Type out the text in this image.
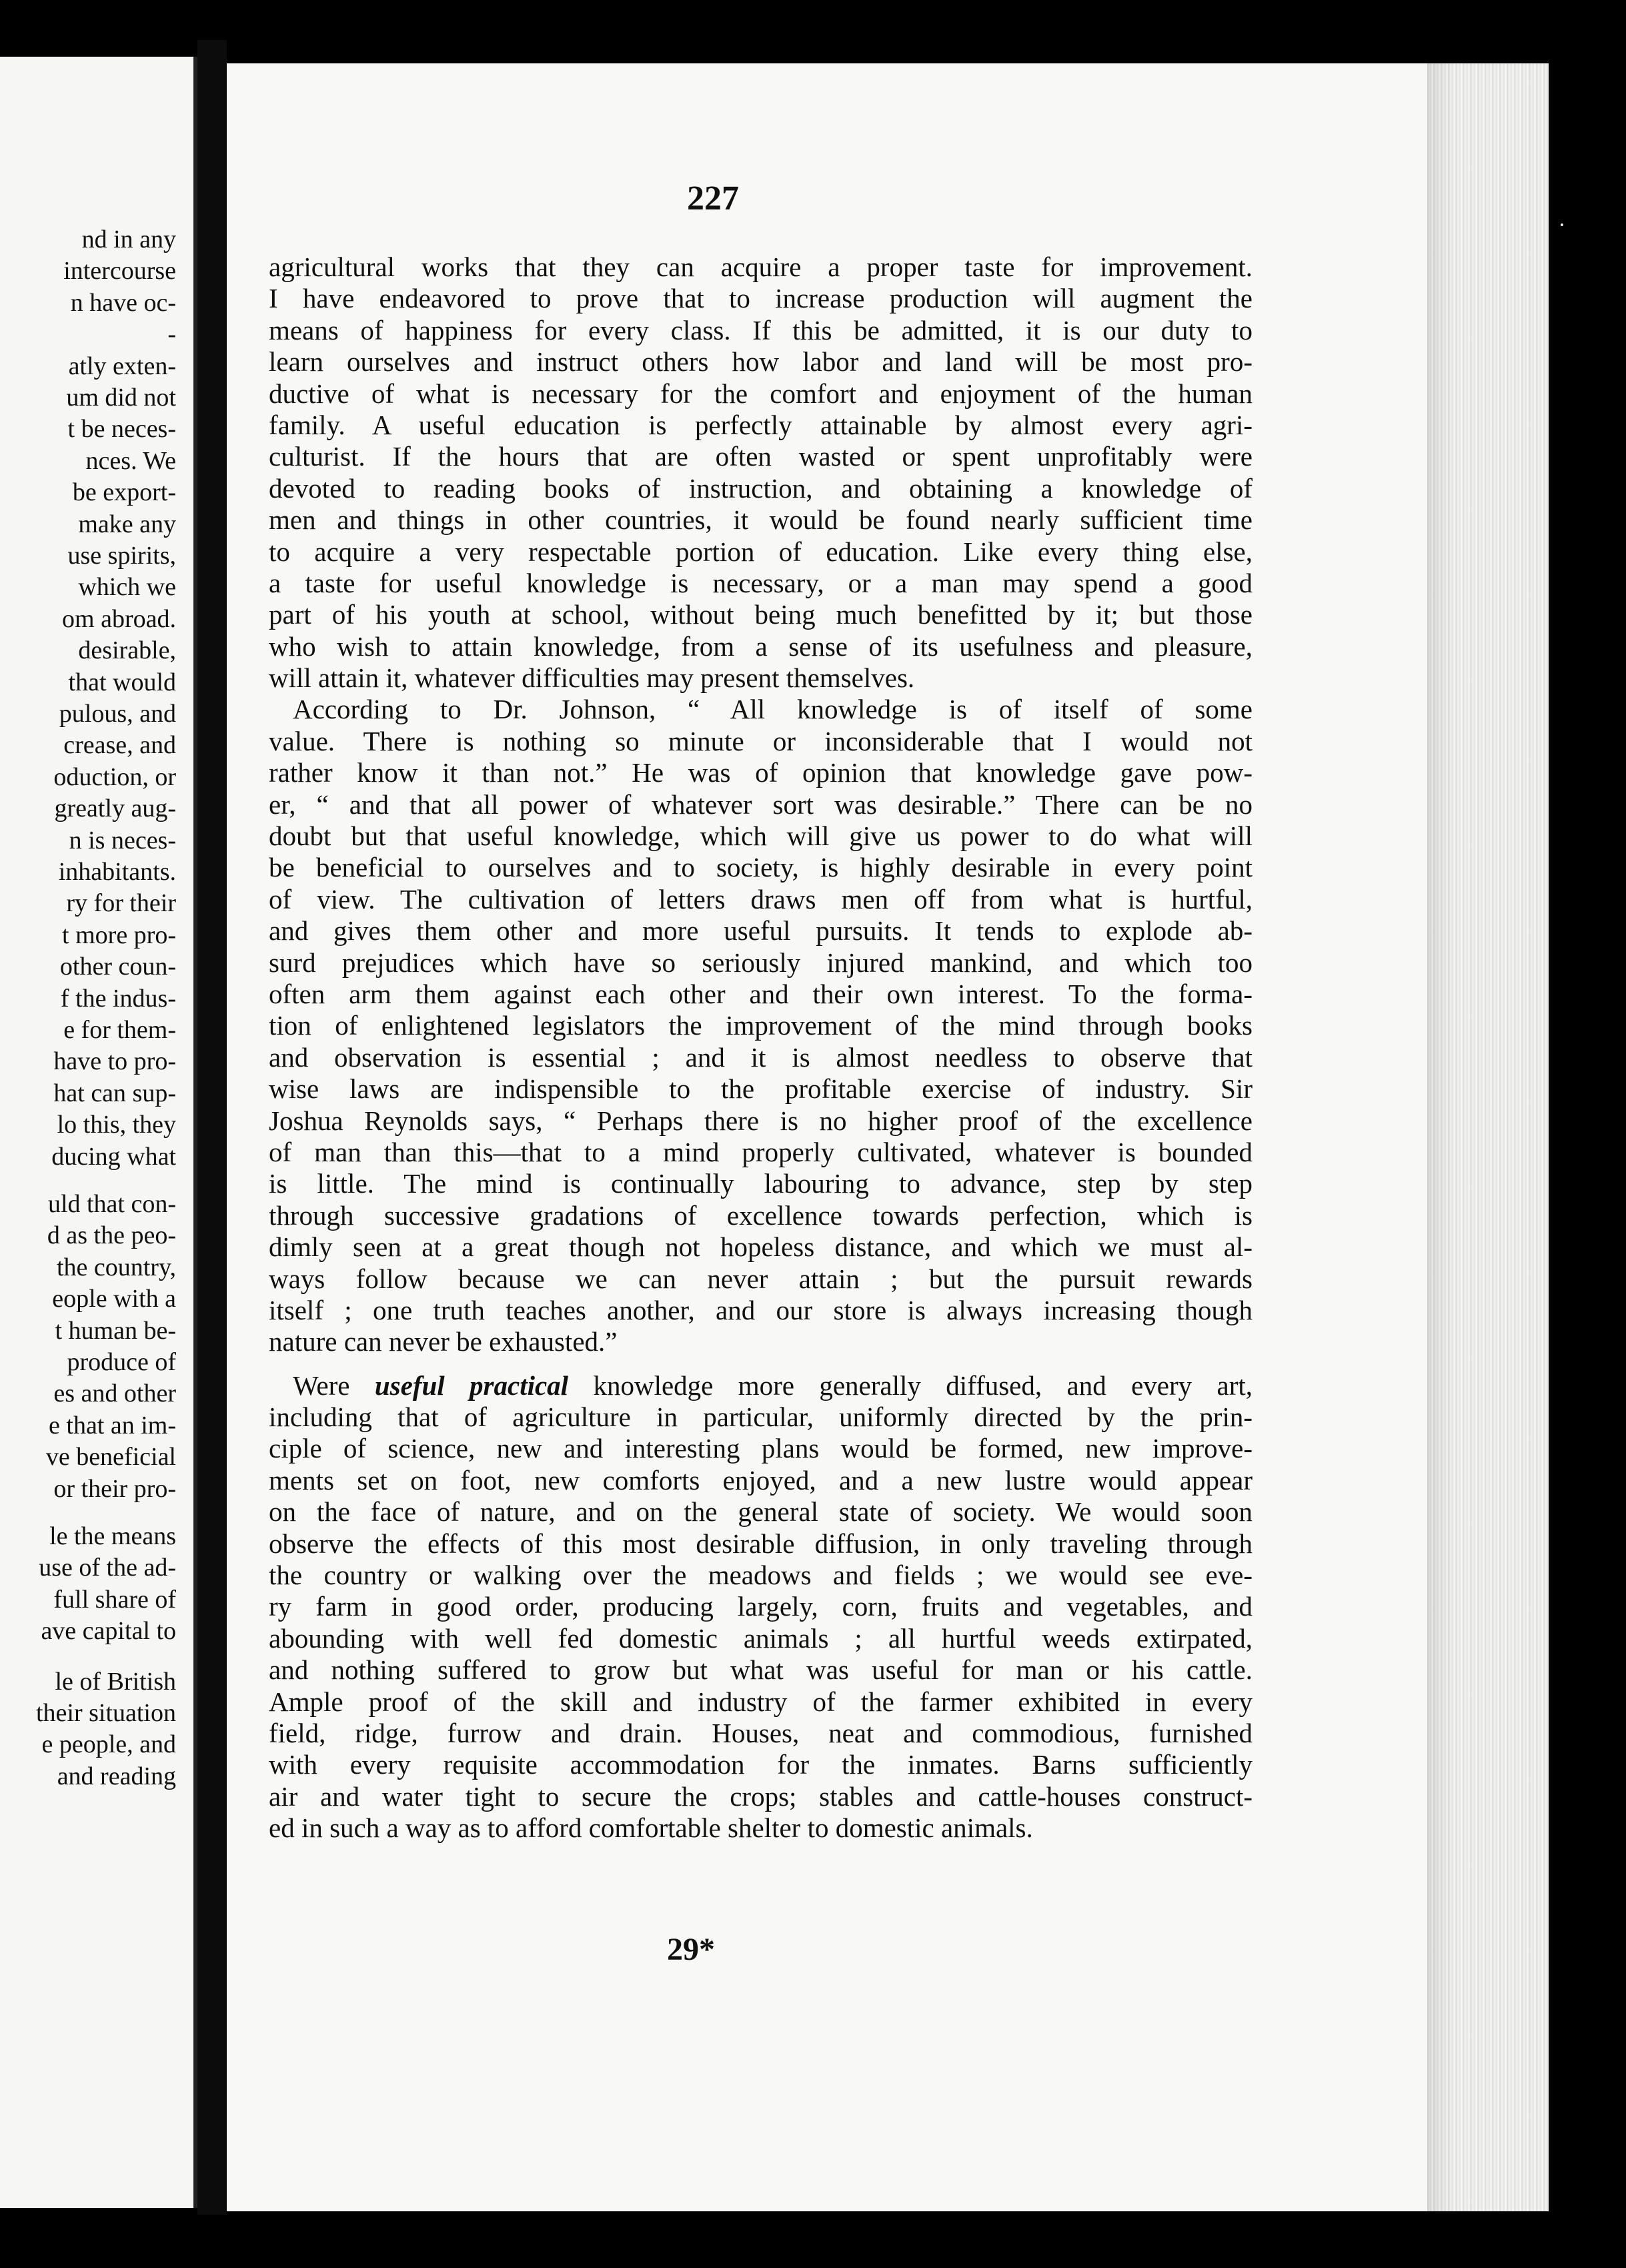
nd in any
intercourse
n have oc-
-
atly exten-
um did not
t be neces-
nces. We
be export-
make any
use spirits,
which we
om abroad.
desirable,
that would
pulous, and
crease, and
oduction, or
greatly aug-
n is neces-
inhabitants.
ry for their
t more pro-
other coun-
f the indus-
e for them-
have to pro-
hat can sup-
lo this, they
ducing what
uld that con-
d as the peo-
the country,
eople with a
t human be-
produce of
es and other
e that an im-
ve beneficial
or their pro-
le the means
use of the ad-
full share of
ave capital to
le of British
their situation
e people, and
and reading
227
agricultural works that they can acquire a proper taste for improvement.
I have endeavored to prove that to increase production will augment the
means of happiness for every class. If this be admitted, it is our duty to
learn ourselves and instruct others how labor and land will be most pro-
ductive of what is necessary for the comfort and enjoyment of the human
family. A useful education is perfectly attainable by almost every agri-
culturist. If the hours that are often wasted or spent unprofitably were
devoted to reading books of instruction, and obtaining a knowledge of
men and things in other countries, it would be found nearly sufficient time
to acquire a very respectable portion of education. Like every thing else,
a taste for useful knowledge is necessary, or a man may spend a good
part of his youth at school, without being much benefitted by it; but those
who wish to attain knowledge, from a sense of its usefulness and pleasure,
will attain it, whatever difficulties may present themselves.
According to Dr. Johnson, “ All knowledge is of itself of some
value. There is nothing so minute or inconsiderable that I would not
rather know it than not.” He was of opinion that knowledge gave pow-
er, “ and that all power of whatever sort was desirable.” There can be no
doubt but that useful knowledge, which will give us power to do what will
be beneficial to ourselves and to society, is highly desirable in every point
of view. The cultivation of letters draws men off from what is hurtful,
and gives them other and more useful pursuits. It tends to explode ab-
surd prejudices which have so seriously injured mankind, and which too
often arm them against each other and their own interest. To the forma-
tion of enlightened legislators the improvement of the mind through books
and observation is essential ; and it is almost needless to observe that
wise laws are indispensible to the profitable exercise of industry. Sir
Joshua Reynolds says, “ Perhaps there is no higher proof of the excellence
of man than this—that to a mind properly cultivated, whatever is bounded
is little. The mind is continually labouring to advance, step by step
through successive gradations of excellence towards perfection, which is
dimly seen at a great though not hopeless distance, and which we must al-
ways follow because we can never attain ; but the pursuit rewards
itself ; one truth teaches another, and our store is always increasing though
nature can never be exhausted.”
Were useful practical knowledge more generally diffused, and every art,
including that of agriculture in particular, uniformly directed by the prin-
ciple of science, new and interesting plans would be formed, new improve-
ments set on foot, new comforts enjoyed, and a new lustre would appear
on the face of nature, and on the general state of society. We would soon
observe the effects of this most desirable diffusion, in only traveling through
the country or walking over the meadows and fields ; we would see eve-
ry farm in good order, producing largely, corn, fruits and vegetables, and
abounding with well fed domestic animals ; all hurtful weeds extirpated,
and nothing suffered to grow but what was useful for man or his cattle.
Ample proof of the skill and industry of the farmer exhibited in every
field, ridge, furrow and drain. Houses, neat and commodious, furnished
with every requisite accommodation for the inmates. Barns sufficiently
air and water tight to secure the crops; stables and cattle-houses construct-
ed in such a way as to afford comfortable shelter to domestic animals.
29*
